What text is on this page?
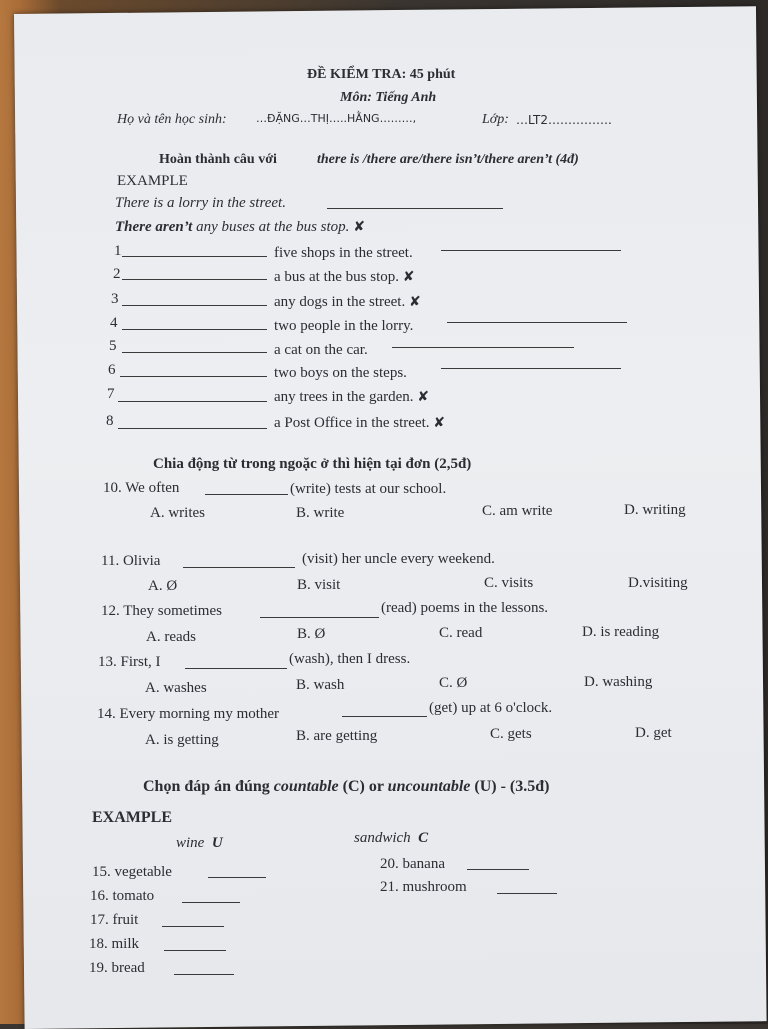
ĐỀ KIỂM TRA: 45 phút
Môn: Tiếng Anh
Họ và tên học sinh:	…ĐẶNG…THỊ…..HẰNG………,	Lớp: …LT2…………….
Hoàn thành câu với	there is /there are/there isn’t/there aren’t (4đ)
EXAMPLE
There is a lorry in the street.
There aren’t any buses at the bus stop. ✘
1	five shops in the street.
2	a bus at the bus stop. ✘
3	any dogs in the street. ✘
4	two people in the lorry.
5	a cat on the car.
6	two boys on the steps.
7	any trees in the garden. ✘
8	a Post Office in the street. ✘
Chia động từ trong ngoặc ở thì hiện tại đơn (2,5đ)
10. We often	(write) tests at our school.
A. writes	B. write	C. am write	D. writing
11. Olivia	(visit) her uncle every weekend.
A. Ø	B. visit	C. visits	D.visiting
12. They sometimes	(read) poems in the lessons.
A. reads	B. Ø	C. read	D. is reading
13. First, I	(wash), then I dress.
A. washes	B. wash	C. Ø	D. washing
14. Every morning my mother	(get) up at 6 o'clock.
A. is getting	B. are getting	C. gets	D. get
Chọn đáp án đúng countable (C) or uncountable (U) - (3.5đ)
EXAMPLE
wine U	sandwich C
15. vegetable
16. tomato
17. fruit
18. milk
19. bread
20. banana
21. mushroom
